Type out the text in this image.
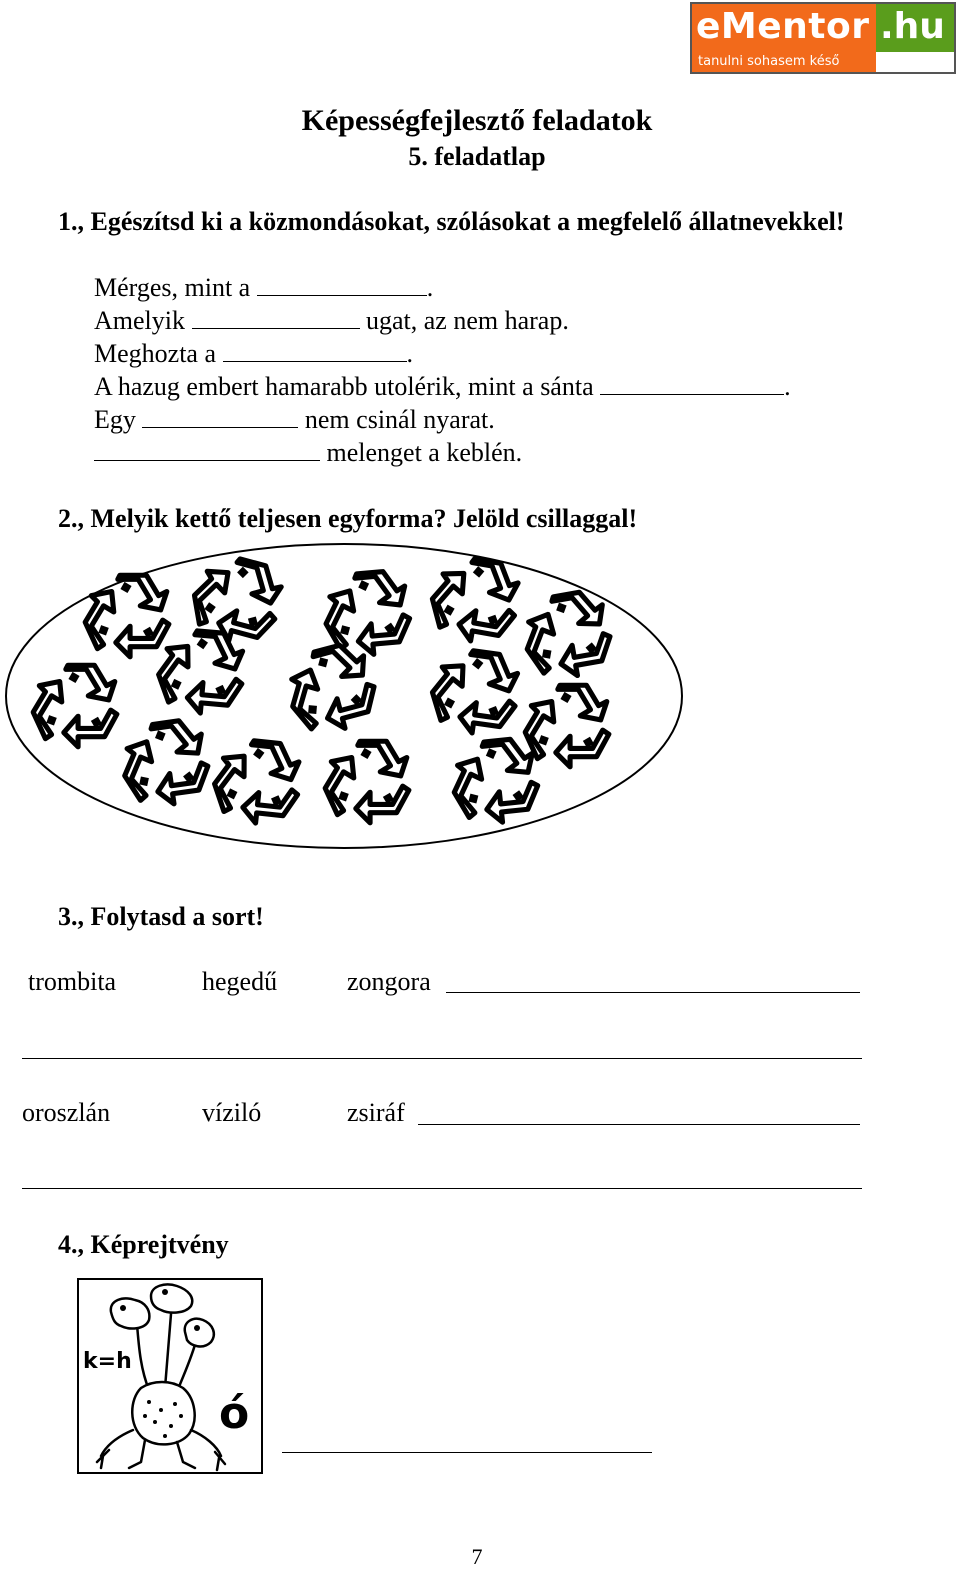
eMentor .hu
tanulni sohasem késő
Képességfejlesztő feladatok
5. feladatlap
1., Egészítsd ki a közmondásokat, szólásokat a megfelelő állatnevekkel!
Mérges, mint a	.
Amelyik	ugat, az nem harap.
Meghozta a	.
A hazug embert hamarabb utolérik, mint a sánta	.
Egy	nem csinál nyarat.
melenget a keblén.
2., Melyik kettő teljesen egyforma? Jelöld csillaggal!
3., Folytasd a sort!
trombita	hegedű	zongora
oroszlán	víziló	zsiráf
4., Képrejtvény
k=h
ó
7
